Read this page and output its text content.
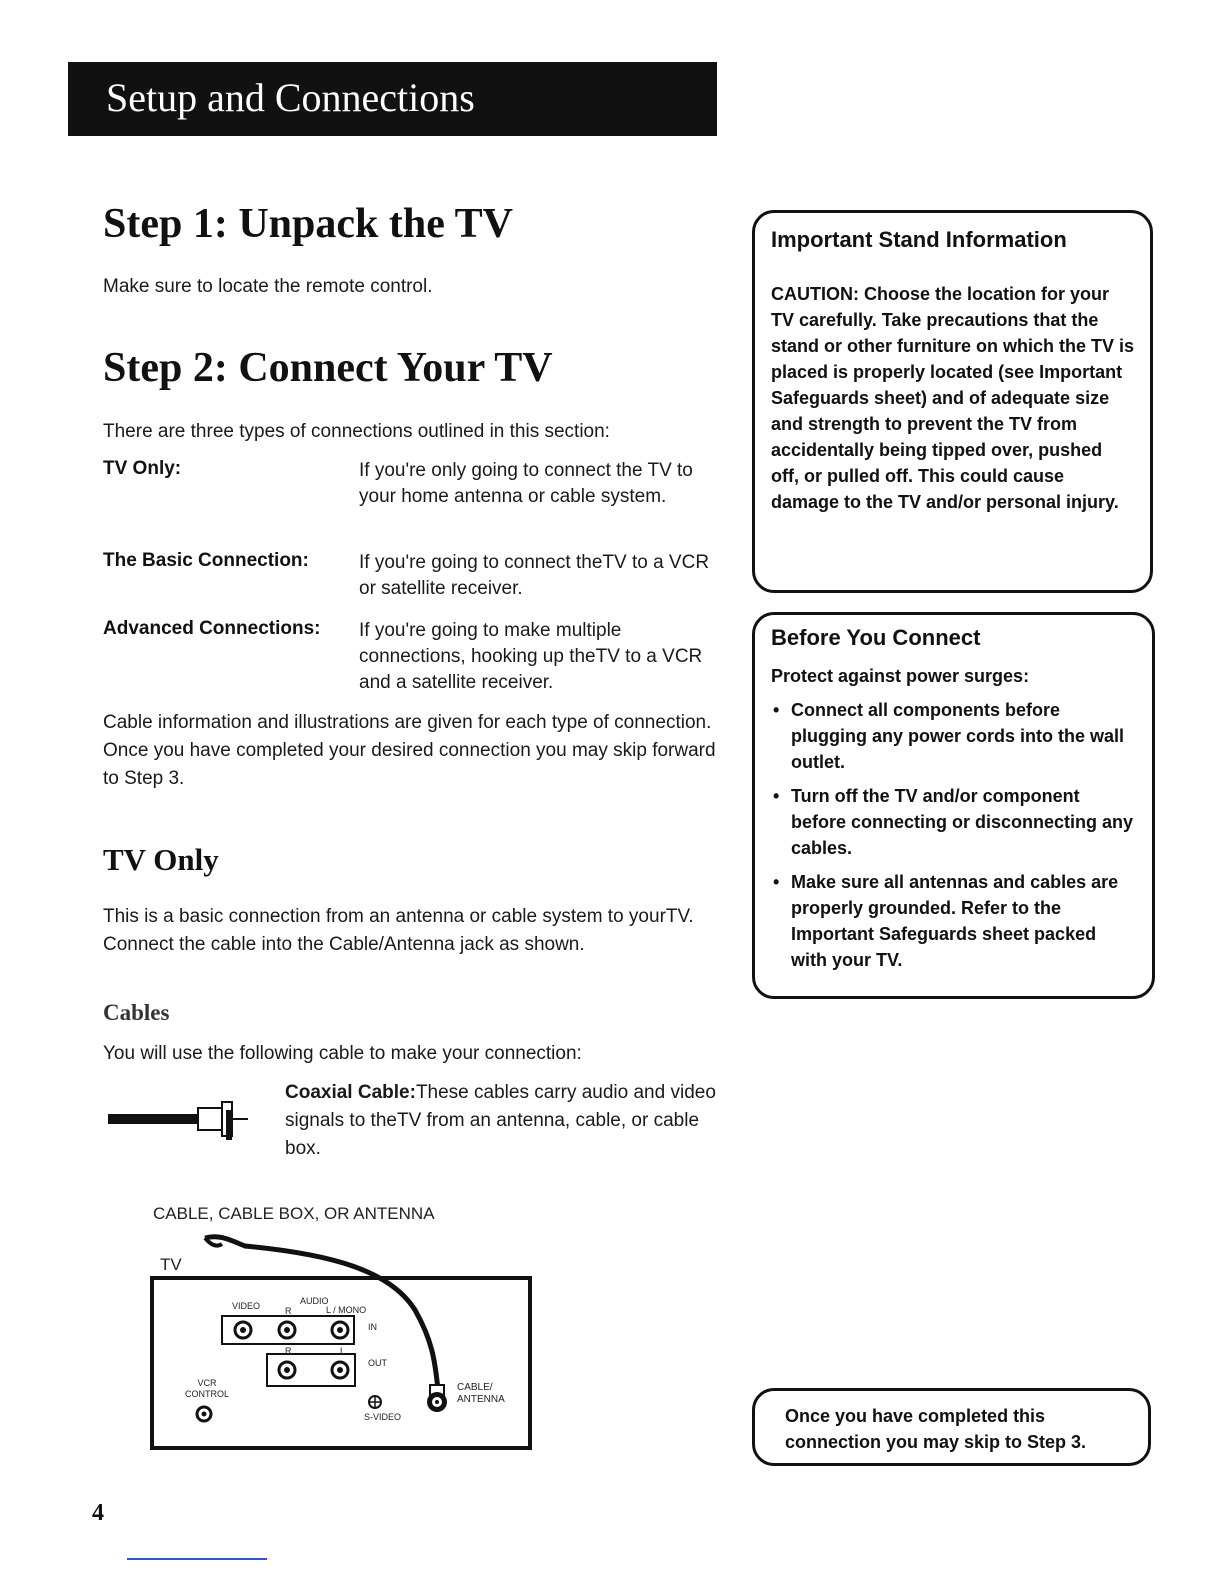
Setup and Connections
Step 1: Unpack the TV
Make sure to locate the remote control.
Step 2: Connect Your TV
There are three types of connections outlined in this section:
TV Only:	If you're only going to connect the TV to your home antenna or cable system.
The Basic Connection:	If you're going to connect theTV to a VCR or satellite receiver.
Advanced Connections: If you're going to make multiple connections, hooking up theTV to a VCR and a satellite receiver.
Cable information and illustrations are given for each type of connection. Once you have completed your desired connection you may skip forward to Step 3.
TV Only
This is a basic connection from an antenna or cable system to yourTV. Connect the cable into the Cable/Antenna jack as shown.
Cables
You will use the following cable to make your connection:
Coaxial Cable:These cables carry audio and video signals to theTV from an antenna, cable, or cable box.
CABLE, CABLE BOX, OR ANTENNA
TV
VIDEO	AUDIO
R	L / MONO
IN
R	L
OUT
VCR CONTROL
S-VIDEO
CABLE/ ANTENNA
Important Stand Information
CAUTION: Choose the location for your TV carefully. Take precautions that the stand or other furniture on which the TV is placed is properly located (see Important Safeguards sheet) and of adequate size and strength to prevent the TV from accidentally being tipped over, pushed off, or pulled off. This could cause damage to the TV and/or personal injury.
Before You Connect
Protect against power surges:
• Connect all components before plugging any power cords into the wall outlet.
• Turn off the TV and/or component before connecting or disconnecting any cables.
• Make sure all antennas and cables are properly grounded. Refer to the Important Safeguards sheet packed with your TV.
Once you have completed this connection you may skip to Step 3.
4
